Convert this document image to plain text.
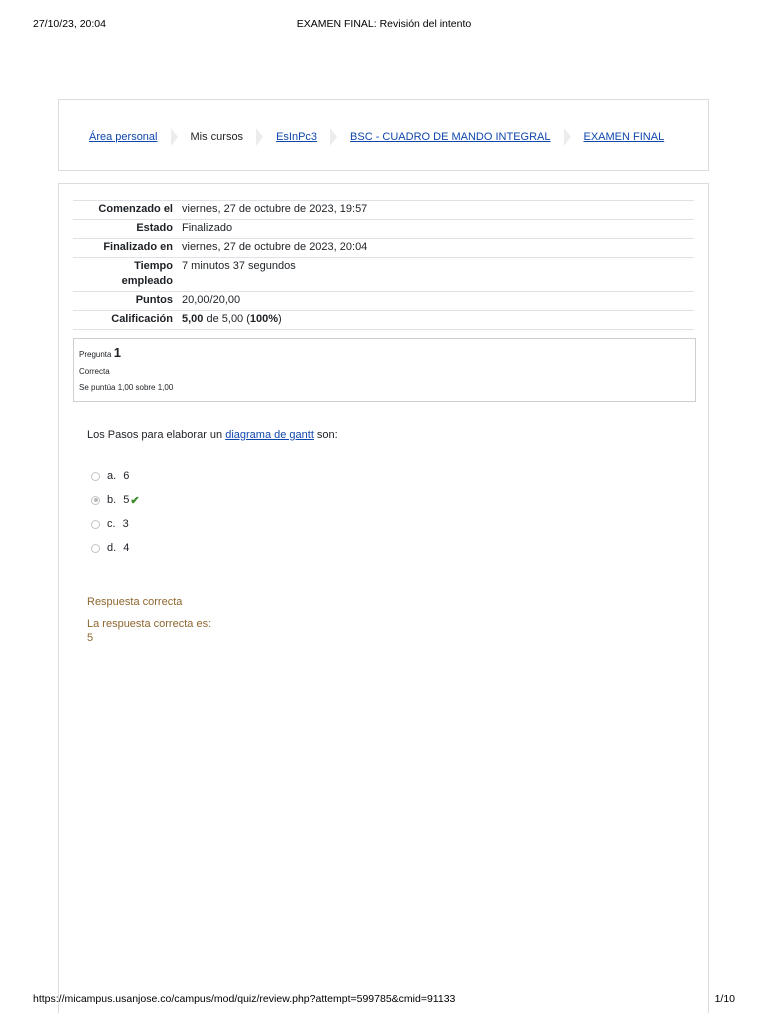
27/10/23, 20:04	EXAMEN FINAL: Revisión del intento
Área personal	Mis cursos	EsInPc3	BSC - CUADRO DE MANDO INTEGRAL	EXAMEN FINAL
Comenzado el	viernes, 27 de octubre de 2023, 19:57
Estado	Finalizado
Finalizado en	viernes, 27 de octubre de 2023, 20:04
Tiempo
empleado	7 minutos 37 segundos
Puntos	20,00/20,00
Calificación	5,00 de 5,00 (100%)
Pregunta 1
Correcta
Se puntúa 1,00 sobre 1,00
Los Pasos para elaborar un diagrama de gantt son:
a. 6
b. 5 ✔
c. 3
d. 4
Respuesta correcta
La respuesta correcta es:
5
https://micampus.usanjose.co/campus/mod/quiz/review.php?attempt=599785&cmid=91133	1/10
